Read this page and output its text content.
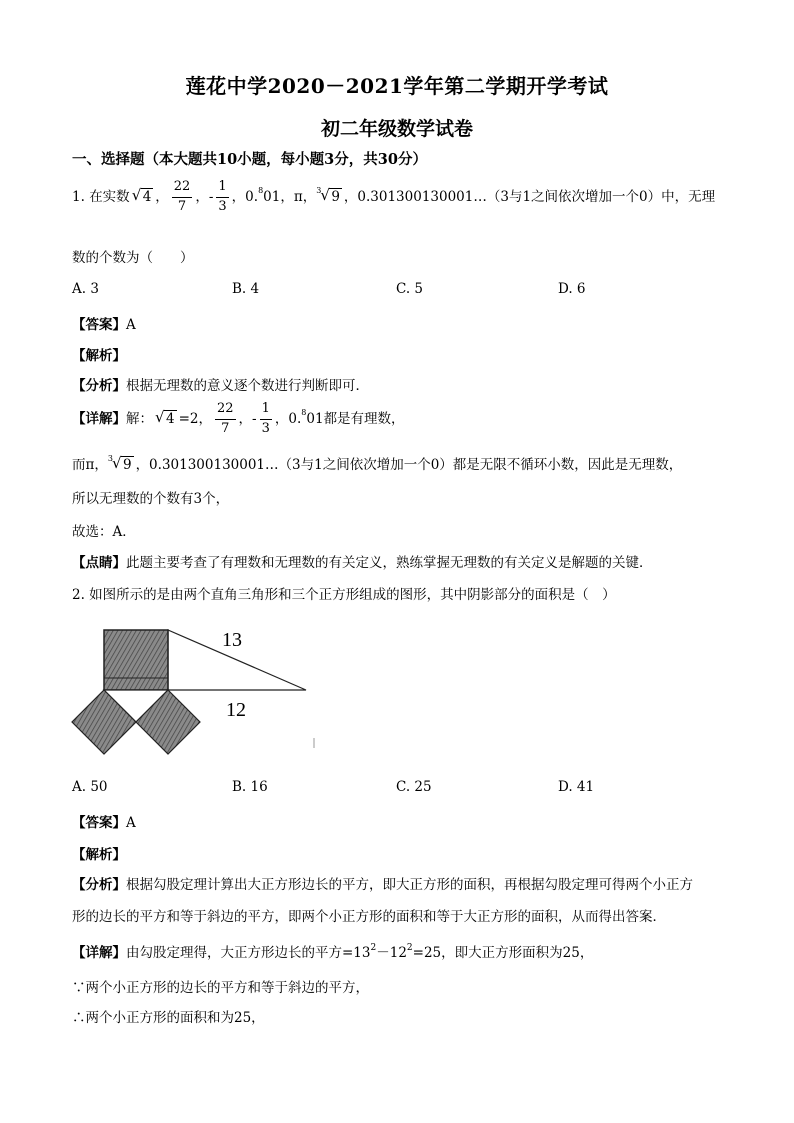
莲花中学2020－2021学年第二学期开学考试
初二年级数学试卷
一、选择题（本大题共10小题，每小题3分，共30分）
1. 在实数 √ 4 ， $\frac{22}{7}$ ，- $\frac{1}{3}$ ，0.$^8$01，π，$^3$ √ 9 ，0.301300130001…（3与1之间依次增加一个0）中，无理
数的个数为（　　）
A. 3	B. 4	C. 5	D. 6
【答案】A
【解析】
【分析】根据无理数的意义逐个数进行判断即可．
【详解】解： √ 4 =2， $\frac{22}{7}$ ，- $\frac{1}{3}$ ，0.$^8$01都是有理数，
而π，$^3$ √ 9 ，0.301300130001…（3与1之间依次增加一个0）都是无限不循环小数，因此是无理数，
所以无理数的个数有3个，
故选：A．
【点睛】此题主要考查了有理数和无理数的有关定义，熟练掌握无理数的有关定义是解题的关键．
2. 如图所示的是由两个直角三角形和三个正方形组成的图形，其中阴影部分的面积是（　）
13
12
A. 50	B. 16	C. 25	D. 41
【答案】A
【解析】
【分析】根据勾股定理计算出大正方形边长的平方，即大正方形的面积，再根据勾股定理可得两个小正方
形的边长的平方和等于斜边的平方，即两个小正方形的面积和等于大正方形的面积，从而得出答案．
【详解】由勾股定理得，大正方形边长的平方$=13^2-12^2=25$，即大正方形面积为25，
∵两个小正方形的边长的平方和等于斜边的平方，
∴两个小正方形的面积和为25，
